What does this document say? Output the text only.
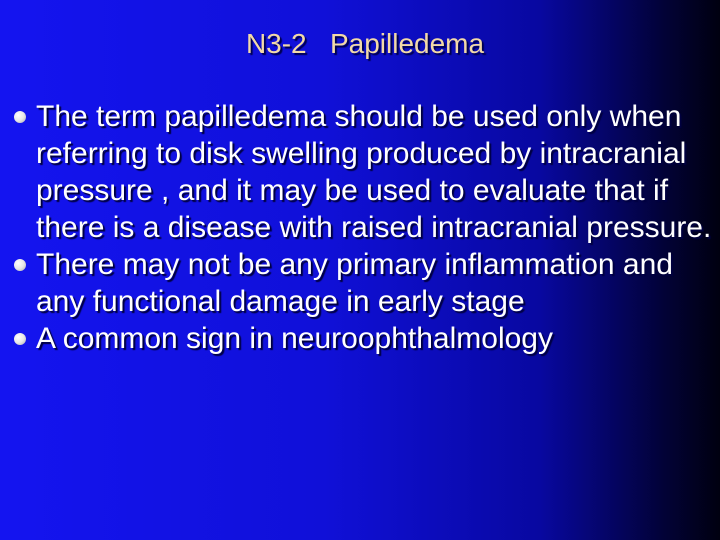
N3-2   Papilledema
The term papilledema should be used only when referring to disk swelling produced by intracranial pressure , and it may be used to evaluate that if there is a disease with raised intracranial pressure.
There may not be any primary inflammation and any functional damage in early stage
A common sign in neuroophthalmology
